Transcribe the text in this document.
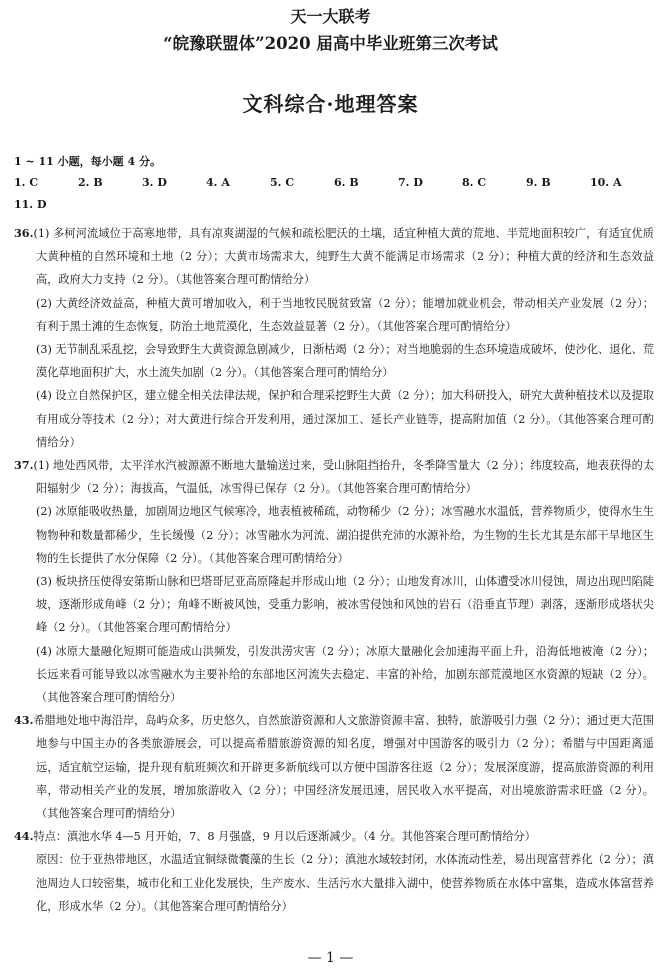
天一大联考
“皖豫联盟体”2020 届高中毕业班第三次考试
文科综合·地理答案
1 ~ 11 小题，每小题 4 分。
1. C	2. B	3. D	4. A	5. C	6. B	7. D	8. C	9. B	10. A
11. D
36.(1) 多柯河流域位于高寒地带，具有凉爽湖湿的气候和疏松肥沃的土壤，适宜种植大黄的荒地、半荒地面积较广，有适宜优质大黄种植的自然环境和土地（2 分）；大黄市场需求大，纯野生大黄不能满足市场需求（2 分）；种植大黄的经济和生态效益高，政府大力支持（2 分）。（其他答案合理可酌情给分）
(2) 大黄经济效益高，种植大黄可增加收入，利于当地牧民脱贫致富（2 分）；能增加就业机会，带动相关产业发展（2 分）；有利于黑土滩的生态恢复，防治土地荒漠化，生态效益显著（2 分）。（其他答案合理可酌情给分）
(3) 无节制乱采乱挖，会导致野生大黄资源急剧减少，日渐枯竭（2 分）；对当地脆弱的生态环境造成破坏，使沙化、退化、荒漠化草地面积扩大，水土流失加剧（2 分）。（其他答案合理可酌情给分）
(4) 设立自然保护区，建立健全相关法律法规，保护和合理采挖野生大黄（2 分）；加大科研投入，研究大黄种植技术以及提取有用成分等技术（2 分）；对大黄进行综合开发利用，通过深加工、延长产业链等，提高附加值（2 分）。（其他答案合理可酌情给分）
37.(1) 地处西风带，太平洋水汽被源源不断地大量输送过来，受山脉阻挡抬升，冬季降雪量大（2 分）；纬度较高，地表获得的太阳辐射少（2 分）；海拔高，气温低，冰雪得已保存（2 分）。（其他答案合理可酌情给分）
(2) 冰原能吸收热量，加剧周边地区气候寒冷，地表植被稀疏，动物稀少（2 分）；冰雪融水水温低，营养物质少，使得水生生物物种和数量都稀少，生长缓慢（2 分）；冰雪融水为河流、湖泊提供充沛的水源补给，为生物的生长尤其是东部干旱地区生物的生长提供了水分保障（2 分）。（其他答案合理可酌情给分）
(3) 板块挤压使得安第斯山脉和巴塔哥尼亚高原隆起并形成山地（2 分）；山地发育冰川，山体遭受冰川侵蚀，周边出现凹陷陡坡，逐渐形成角峰（2 分）；角峰不断被风蚀，受重力影响，被冰雪侵蚀和风蚀的岩石（沿垂直节理）剥落，逐渐形成塔状尖峰（2 分）。（其他答案合理可酌情给分）
(4) 冰原大量融化短期可能造成山洪频发，引发洪涝灾害（2 分）；冰原大量融化会加速海平面上升，沿海低地被淹（2 分）；长远来看可能导致以冰雪融水为主要补给的东部地区河流失去稳定、丰富的补给，加剧东部荒漠地区水资源的短缺（2 分）。（其他答案合理可酌情给分）
43.希腊地处地中海沿岸，岛屿众多，历史悠久，自然旅游资源和人文旅游资源丰富、独特，旅游吸引力强（2 分）；通过更大范围地参与中国主办的各类旅游展会，可以提高希腊旅游资源的知名度，增强对中国游客的吸引力（2 分）；希腊与中国距离遥远，适宜航空运输，提升现有航班频次和开辟更多新航线可以方便中国游客往返（2 分）；发展深度游，提高旅游资源的利用率，带动相关产业的发展，增加旅游收入（2 分）；中国经济发展迅速，居民收入水平提高，对出境旅游需求旺盛（2 分）。（其他答案合理可酌情给分）
44.特点：滇池水华 4—5 月开始，7、8 月强盛，9 月以后逐渐减少。（4 分。其他答案合理可酌情给分）
原因：位于亚热带地区，水温适宜铜绿微囊藻的生长（2 分）；滇池水域较封闭，水体流动性差，易出现富营养化（2 分）；滇池周边人口较密集，城市化和工业化发展快，生产废水、生活污水大量排入湖中，使营养物质在水体中富集，造成水体富营养化，形成水华（2 分）。（其他答案合理可酌情给分）
— 1 —
